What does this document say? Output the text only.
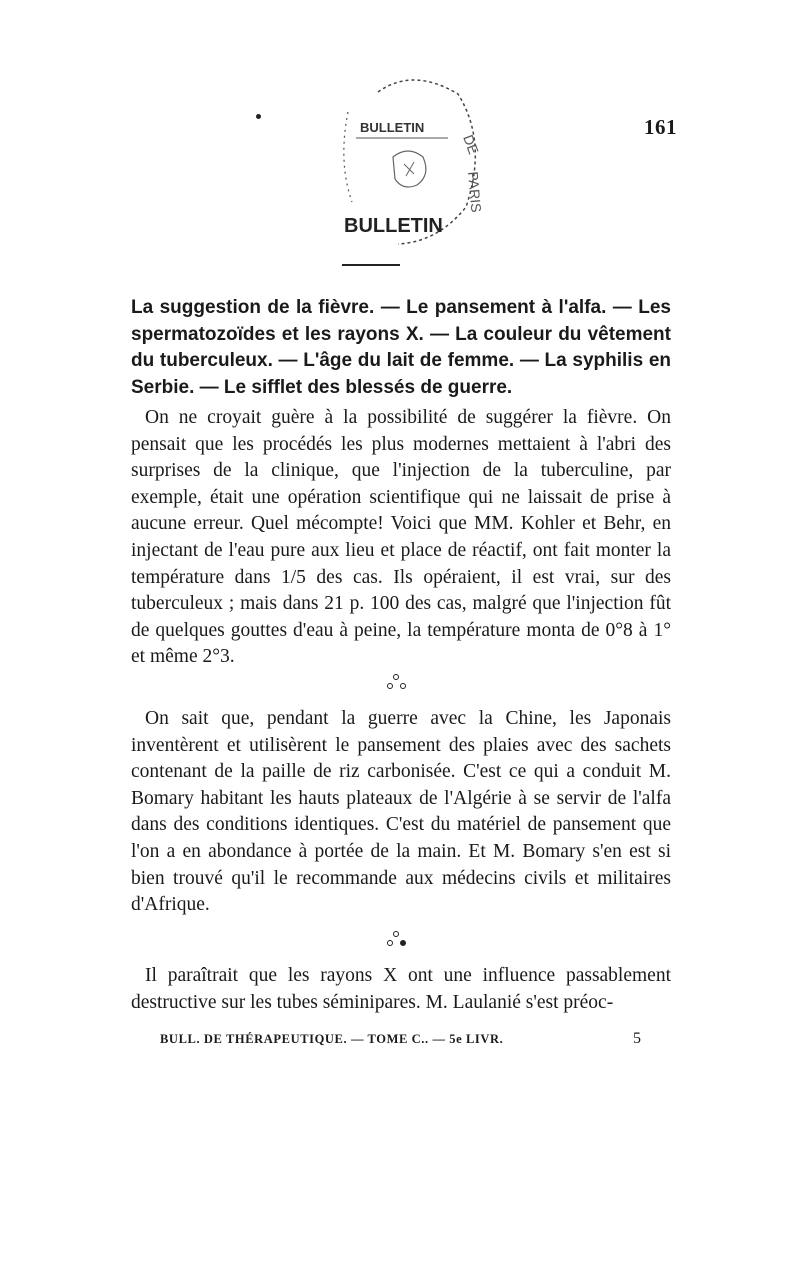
BULLETIN
BULLETIN
DE
PARIS
161

La suggestion de la fièvre. — Le pansement à l'alfa. — Les spermatozoïdes et les rayons X. — La couleur du vêtement du tuberculeux. — L'âge du lait de femme. — La syphilis en Serbie. — Le sifflet des blessés de guerre.

On ne croyait guère à la possibilité de suggérer la fièvre. On pensait que les procédés les plus modernes mettaient à l'abri des surprises de la clinique, que l'injection de la tuberculine, par exemple, était une opération scientifique qui ne laissait de prise à aucune erreur. Quel mécompte! Voici que MM. Kohler et Behr, en injectant de l'eau pure aux lieu et place de réactif, ont fait monter la température dans 1/5 des cas. Ils opéraient, il est vrai, sur des tuberculeux ; mais dans 21 p. 100 des cas, malgré que l'injection fût de quelques gouttes d'eau à peine, la température monta de 0°8 à 1° et même 2°3.

On sait que, pendant la guerre avec la Chine, les Japonais inventèrent et utilisèrent le pansement des plaies avec des sachets contenant de la paille de riz carbonisée. C'est ce qui a conduit M. Bomary habitant les hauts plateaux de l'Algérie à se servir de l'alfa dans des conditions identiques. C'est du matériel de pansement que l'on a en abondance à portée de la main. Et M. Bomary s'en est si bien trouvé qu'il le recommande aux médecins civils et militaires d'Afrique.

Il paraîtrait que les rayons X ont une influence passablement destructive sur les tubes séminipares. M. Laulanié s'est préoc-

BULL. DE THÉRAPEUTIQUE. — TOME C.. — 5e LIVR.	5
